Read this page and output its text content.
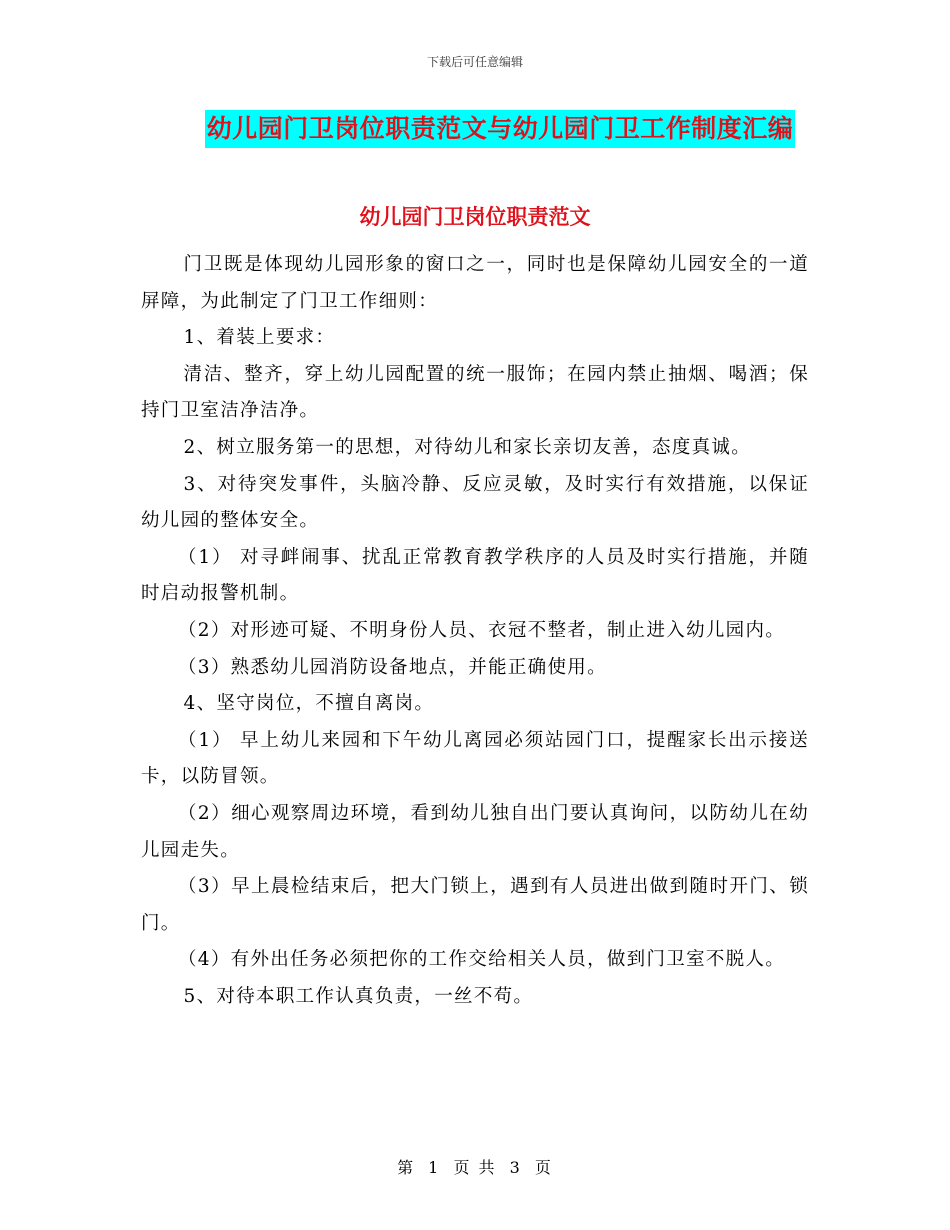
下载后可任意编辑
幼儿园门卫岗位职责范文与幼儿园门卫工作制度汇编
幼儿园门卫岗位职责范文

门卫既是体现幼儿园形象的窗口之一，同时也是保障幼儿园安全的一道屏障，为此制定了门卫工作细则：

1、着装上要求：

清洁、整齐，穿上幼儿园配置的统一服饰；在园内禁止抽烟、喝酒；保持门卫室洁净洁净。

2、树立服务第一的思想，对待幼儿和家长亲切友善，态度真诚。

3、对待突发事件，头脑冷静、反应灵敏，及时实行有效措施，以保证幼儿园的整体安全。

（1） 对寻衅闹事、扰乱正常教育教学秩序的人员及时实行措施，并随时启动报警机制。

（2）对形迹可疑、不明身份人员、衣冠不整者，制止进入幼儿园内。

（3）熟悉幼儿园消防设备地点，并能正确使用。

4、坚守岗位，不擅自离岗。

（1） 早上幼儿来园和下午幼儿离园必须站园门口，提醒家长出示接送卡，以防冒领。

（2）细心观察周边环境，看到幼儿独自出门要认真询问，以防幼儿在幼儿园走失。

（3）早上晨检结束后，把大门锁上，遇到有人员进出做到随时开门、锁门。

（4）有外出任务必须把你的工作交给相关人员，做到门卫室不脱人。

5、对待本职工作认真负责，一丝不苟。

第 1 页 共 3 页
